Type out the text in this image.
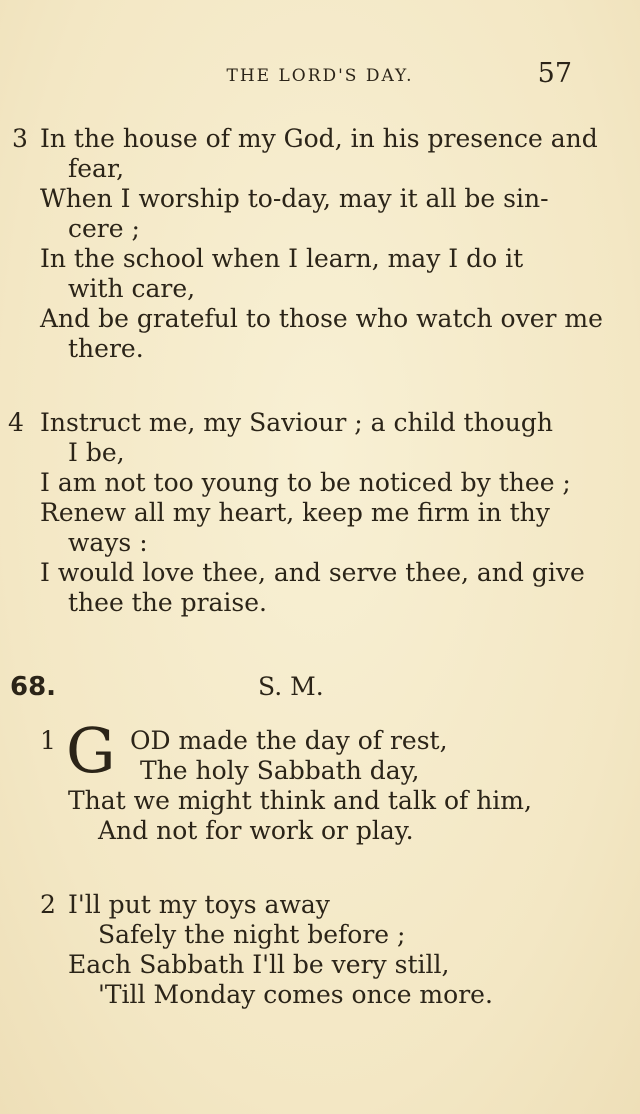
THE LORD'S DAY.	57
3 In the house of my God, in his presence and
fear,
When I worship to-day, may it all be sin-
cere ;
In the school when I learn, may I do it
with care,
And be grateful to those who watch over me
there.
4 Instruct me, my Saviour ; a child though
I be,
I am not too young to be noticed by thee ;
Renew all my heart, keep me firm in thy
ways :
I would love thee, and serve thee, and give
thee the praise.
68.	S. M.
1 G OD made the day of rest,
The holy Sabbath day,
That we might think and talk of him,
And not for work or play.
2 I'll put my toys away
Safely the night before ;
Each Sabbath I'll be very still,
'Till Monday comes once more.
